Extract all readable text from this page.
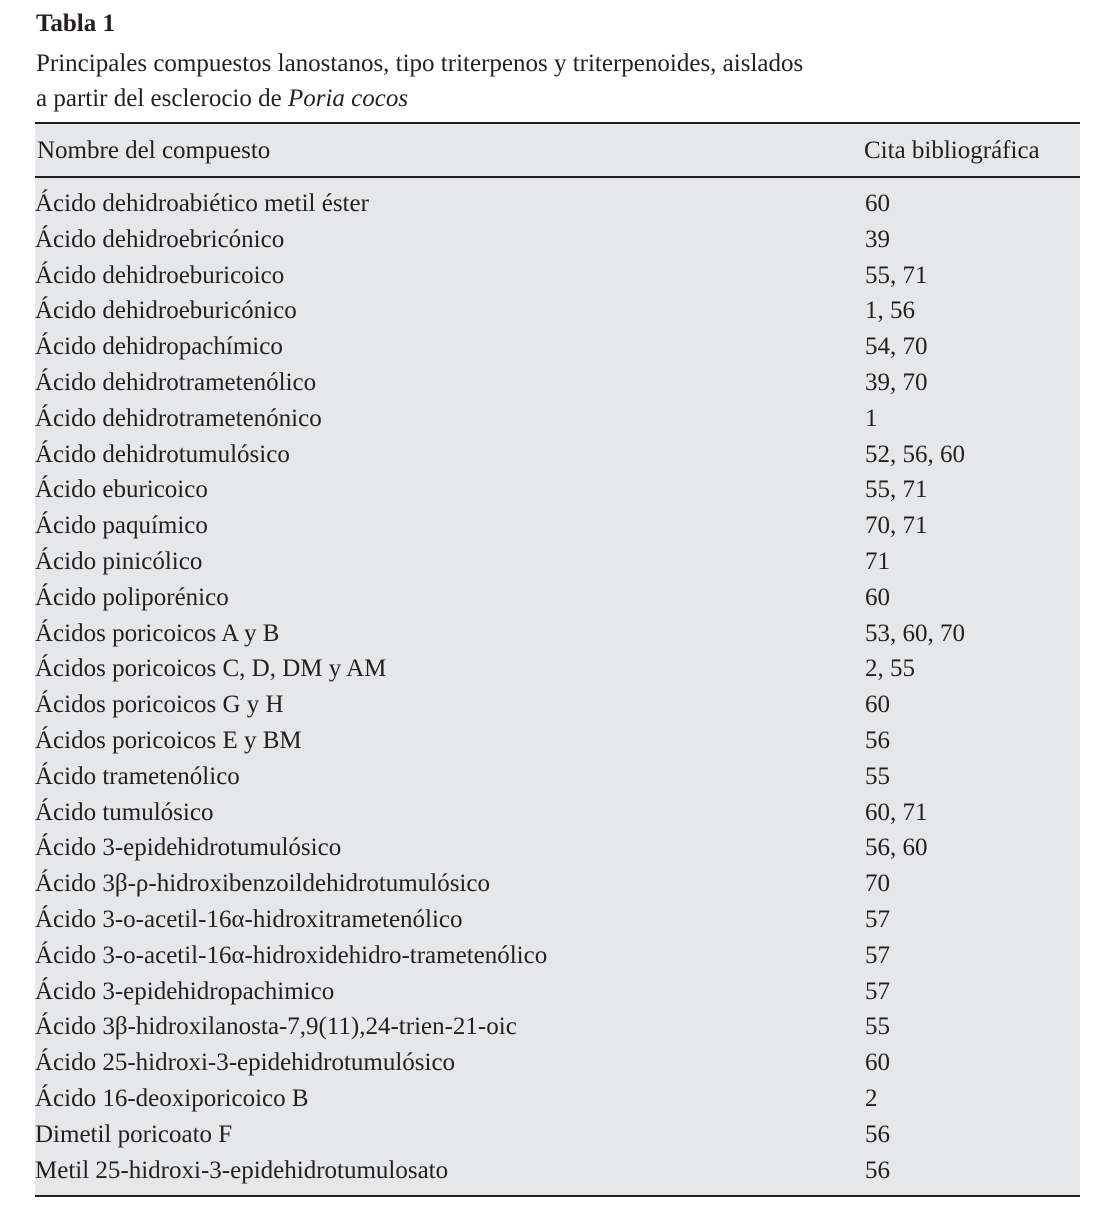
Tabla 1
Principales compuestos lanostanos, tipo triterpenos y triterpenoides, aislados
a partir del esclerocio de Poria cocos
Nombre del compuesto	Cita bibliográfica
Ácido dehidroabiético metil éster	60
Ácido dehidroebricónico	39
Ácido dehidroeburicoico	55, 71
Ácido dehidroeburicónico	1, 56
Ácido dehidropachímico	54, 70
Ácido dehidrotrametenólico	39, 70
Ácido dehidrotrametenónico	1
Ácido dehidrotumulósico	52, 56, 60
Ácido eburicoico	55, 71
Ácido paquímico	70, 71
Ácido pinicólico	71
Ácido poliporénico	60
Ácidos poricoicos A y B	53, 60, 70
Ácidos poricoicos C, D, DM y AM	2, 55
Ácidos poricoicos G y H	60
Ácidos poricoicos E y BM	56
Ácido trametenólico	55
Ácido tumulósico	60, 71
Ácido 3-epidehidrotumulósico	56, 60
Ácido 3β-ρ-hidroxibenzoildehidrotumulósico	70
Ácido 3-o-acetil-16α-hidroxitrametenólico	57
Ácido 3-o-acetil-16α-hidroxidehidro-trametenólico	57
Ácido 3-epidehidropachimico	57
Ácido 3β-hidroxilanosta-7,9(11),24-trien-21-oic	55
Ácido 25-hidroxi-3-epidehidrotumulósico	60
Ácido 16-deoxiporicoico B	2
Dimetil poricoato F	56
Metil 25-hidroxi-3-epidehidrotumulosato	56
